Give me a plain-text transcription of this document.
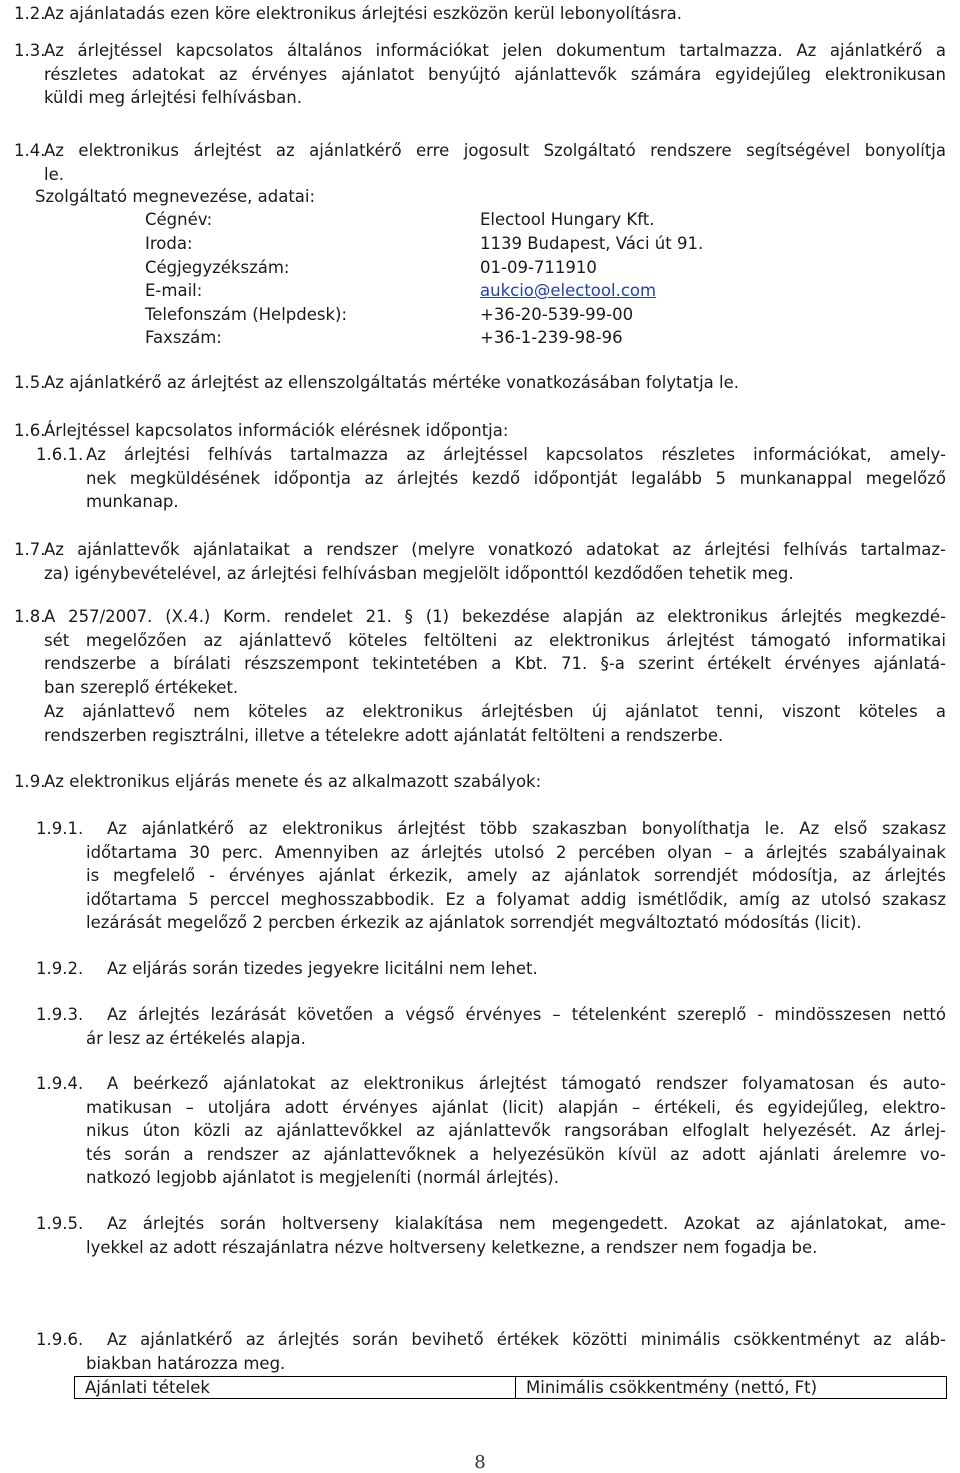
1.2.
Az ajánlatadás ezen köre elektronikus árlejtési eszközön kerül lebonyolításra.
1.3.
Az árlejtéssel kapcsolatos általános információkat jelen dokumentum tartalmazza. Az ajánlatkérő a
részletes adatokat az érvényes ajánlatot benyújtó ajánlattevők számára egyidejűleg elektronikusan
küldi meg árlejtési felhívásban.
1.4.
Az elektronikus árlejtést az ajánlatkérő erre jogosult Szolgáltató rendszere segítségével bonyolítja
le.
Szolgáltató megnevezése, adatai:
Cégnév:	Electool Hungary Kft.
Iroda:	1139 Budapest, Váci út 91.
Cégjegyzékszám:	01-09-711910
E-mail:	aukcio@electool.com
Telefonszám (Helpdesk):	+36-20-539-99-00
Faxszám:	+36-1-239-98-96
1.5.
Az ajánlatkérő az árlejtést az ellenszolgáltatás mértéke vonatkozásában folytatja le.
1.6.
Árlejtéssel kapcsolatos információk elérésnek időpontja:
1.6.1. Az árlejtési felhívás tartalmazza az árlejtéssel kapcsolatos részletes információkat, amely-
nek megküldésének időpontja az árlejtés kezdő időpontját legalább 5 munkanappal megelőző
munkanap.
1.7.
Az ajánlattevők ajánlataikat a rendszer (melyre vonatkozó adatokat az árlejtési felhívás tartalmaz-
za) igénybevételével, az árlejtési felhívásban megjelölt időponttól kezdődően tehetik meg.
1.8.
A 257/2007. (X.4.) Korm. rendelet 21. § (1) bekezdése alapján az elektronikus árlejtés megkezdé-
sét megelőzően az ajánlattevő köteles feltölteni az elektronikus árlejtést támogató informatikai
rendszerbe a bírálati részszempont tekintetében a Kbt. 71. §-a szerint értékelt érvényes ajánlatá-
ban szereplő értékeket.
Az ajánlattevő nem köteles az elektronikus árlejtésben új ajánlatot tenni, viszont köteles a
rendszerben regisztrálni, illetve a tételekre adott ajánlatát feltölteni a rendszerbe.
1.9.
Az elektronikus eljárás menete és az alkalmazott szabályok:
1.9.1.	Az ajánlatkérő az elektronikus árlejtést több szakaszban bonyolíthatja le. Az első szakasz
időtartama 30 perc. Amennyiben az árlejtés utolsó 2 percében olyan – a árlejtés szabályainak
is megfelelő - érvényes ajánlat érkezik, amely az ajánlatok sorrendjét módosítja, az árlejtés
időtartama 5 perccel meghosszabbodik. Ez a folyamat addig ismétlődik, amíg az utolsó szakasz
lezárását megelőző 2 percben érkezik az ajánlatok sorrendjét megváltoztató módosítás (licit).
1.9.2.	Az eljárás során tizedes jegyekre licitálni nem lehet.
1.9.3.	Az árlejtés lezárását követően a végső érvényes – tételenként szereplő - mindösszesen nettó
ár lesz az értékelés alapja.
1.9.4.	A beérkező ajánlatokat az elektronikus árlejtést támogató rendszer folyamatosan és auto-
matikusan – utoljára adott érvényes ajánlat (licit) alapján – értékeli, és egyidejűleg, elektro-
nikus úton közli az ajánlattevőkkel az ajánlattevők rangsorában elfoglalt helyezését. Az árlej-
tés során a rendszer az ajánlattevőknek a helyezésükön kívül az adott ajánlati árelemre vo-
natkozó legjobb ajánlatot is megjeleníti (normál árlejtés).
1.9.5.	Az árlejtés során holtverseny kialakítása nem megengedett. Azokat az ajánlatokat, ame-
lyekkel az adott részajánlatra nézve holtverseny keletkezne, a rendszer nem fogadja be.
1.9.6.	Az ajánlatkérő az árlejtés során bevihető értékek közötti minimális csökkentményt az aláb-
biakban határozza meg.
Ajánlati tételek	Minimális csökkentmény (nettó, Ft)
8
